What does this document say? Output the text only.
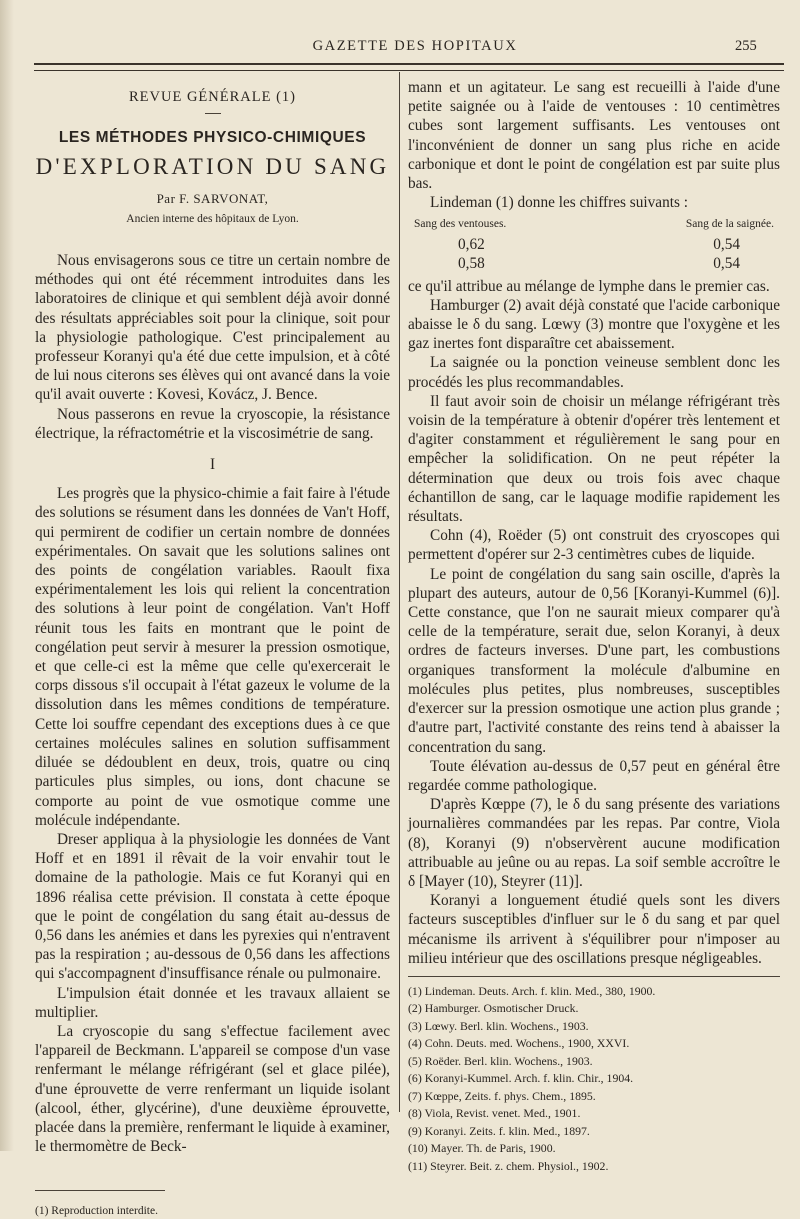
GAZETTE DES HOPITAUX	255

REVUE GÉNÉRALE (1)

LES MÉTHODES PHYSICO-CHIMIQUES

D'EXPLORATION DU SANG

Par F. SARVONAT,

Ancien interne des hôpitaux de Lyon.

Nous envisagerons sous ce titre un certain nombre de méthodes qui ont été récemment introduites dans les laboratoires de clinique et qui semblent déjà avoir donné des résultats appréciables soit pour la clinique, soit pour la physiologie pathologique. C'est principalement au professeur Koranyi qu'a été due cette impulsion, et à côté de lui nous citerons ses élèves qui ont avancé dans la voie qu'il avait ouverte : Kovesi, Kovácz, J. Bence.

Nous passerons en revue la cryoscopie, la résistance électrique, la réfractométrie et la viscosimétrie de sang.

I

Les progrès que la physico-chimie a fait faire à l'étude des solutions se résument dans les données de Van't Hoff, qui permirent de codifier un certain nombre de données expérimentales. On savait que les solutions salines ont des points de congélation variables. Raoult fixa expérimentalement les lois qui relient la concentration des solutions à leur point de congélation. Van't Hoff réunit tous les faits en montrant que le point de congélation peut servir à mesurer la pression osmotique, et que celle-ci est la même que celle qu'exercerait le corps dissous s'il occupait à l'état gazeux le volume de la dissolution dans les mêmes conditions de température. Cette loi souffre cependant des exceptions dues à ce que certaines molécules salines en solution suffisamment diluée se dédoublent en deux, trois, quatre ou cinq particules plus simples, ou ions, dont chacune se comporte au point de vue osmotique comme une molécule indépendante.

Dreser appliqua à la physiologie les données de Vant Hoff et en 1891 il rêvait de la voir envahir tout le domaine de la pathologie. Mais ce fut Koranyi qui en 1896 réalisa cette prévision. Il constata à cette époque que le point de congélation du sang était au-dessus de 0,56 dans les anémies et dans les pyrexies qui n'entravent pas la respiration ; au-dessous de 0,56 dans les affections qui s'accompagnent d'insuffisance rénale ou pulmonaire.

L'impulsion était donnée et les travaux allaient se multiplier.

La cryoscopie du sang s'effectue facilement avec l'appareil de Beckmann. L'appareil se compose d'un vase renfermant le mélange réfrigérant (sel et glace pilée), d'une éprouvette de verre renfermant un liquide isolant (alcool, éther, glycérine), d'une deuxième éprouvette, placée dans la première, renfermant le liquide à examiner, le thermomètre de Beck-

(1) Reproduction interdite.

mann et un agitateur. Le sang est recueilli à l'aide d'une petite saignée ou à l'aide de ventouses : 10 centimètres cubes sont largement suffisants. Les ventouses ont l'inconvénient de donner un sang plus riche en acide carbonique et dont le point de congélation est par suite plus bas.

Lindeman (1) donne les chiffres suivants :

Sang des ventouses.	Sang de la saignée.
0,62	0,54
0,58	0,54

ce qu'il attribue au mélange de lymphe dans le premier cas.

Hamburger (2) avait déjà constaté que l'acide carbonique abaisse le δ du sang. Lœwy (3) montre que l'oxygène et les gaz inertes font disparaître cet abaissement.

La saignée ou la ponction veineuse semblent donc les procédés les plus recommandables.

Il faut avoir soin de choisir un mélange réfrigérant très voisin de la température à obtenir d'opérer très lentement et d'agiter constamment et régulièrement le sang pour en empêcher la solidification. On ne peut répéter la détermination que deux ou trois fois avec chaque échantillon de sang, car le laquage modifie rapidement les résultats.

Cohn (4), Roëder (5) ont construit des cryoscopes qui permettent d'opérer sur 2-3 centimètres cubes de liquide.

Le point de congélation du sang sain oscille, d'après la plupart des auteurs, autour de 0,56 [Koranyi-Kummel (6)]. Cette constance, que l'on ne saurait mieux comparer qu'à celle de la température, serait due, selon Koranyi, à deux ordres de facteurs inverses. D'une part, les combustions organiques transforment la molécule d'albumine en molécules plus petites, plus nombreuses, susceptibles d'exercer sur la pression osmotique une action plus grande ; d'autre part, l'activité constante des reins tend à abaisser la concentration du sang.

Toute élévation au-dessus de 0,57 peut en général être regardée comme pathologique.

D'après Kœppe (7), le δ du sang présente des variations journalières commandées par les repas. Par contre, Viola (8), Koranyi (9) n'observèrent aucune modification attribuable au jeûne ou au repas. La soif semble accroître le δ [Mayer (10), Steyrer (11)].

Koranyi a longuement étudié quels sont les divers facteurs susceptibles d'influer sur le δ du sang et par quel mécanisme ils arrivent à s'équilibrer pour n'imposer au milieu intérieur que des oscillations presque négligeables.

(1) Lindeman. Deuts. Arch. f. klin. Med., 380, 1900.

(2) Hamburger. Osmotischer Druck.

(3) Lœwy. Berl. klin. Wochens., 1903.

(4) Cohn. Deuts. med. Wochens., 1900, XXVI.

(5) Roëder. Berl. klin. Wochens., 1903.

(6) Koranyi-Kummel. Arch. f. klin. Chir., 1904.

(7) Kœppe, Zeits. f. phys. Chem., 1895.

(8) Viola, Revist. venet. Med., 1901.

(9) Koranyi. Zeits. f. klin. Med., 1897.

(10) Mayer. Th. de Paris, 1900.

(11) Steyrer. Beit. z. chem. Physiol., 1902.
